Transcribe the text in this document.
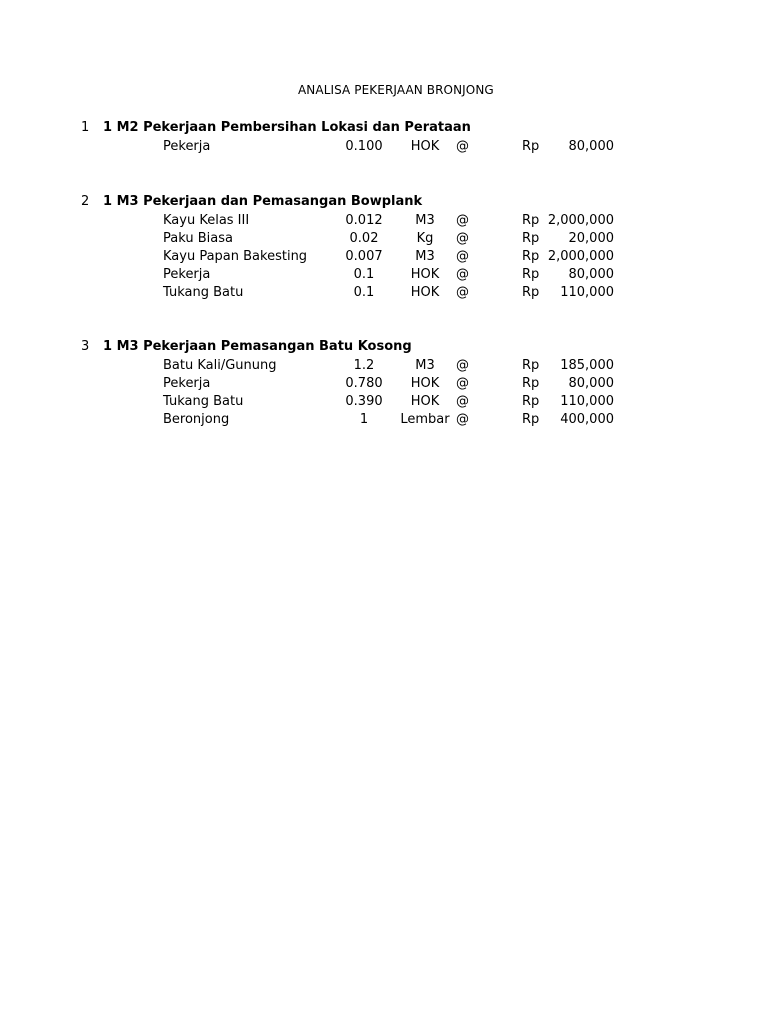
ANALISA PEKERJAAN BRONJONG
1 1 M2 Pekerjaan Pembersihan Lokasi dan Perataan
Pekerja	0.100	HOK	@	Rp	80,000
2 1 M3 Pekerjaan dan Pemasangan Bowplank
Kayu Kelas III	0.012	M3	@	Rp 2,000,000
Paku Biasa	0.02	Kg	@	Rp	20,000
Kayu Papan Bakesting	0.007	M3	@	Rp 2,000,000
Pekerja	0.1	HOK	@	Rp	80,000
Tukang Batu	0.1	HOK	@	Rp	110,000
3 1 M3 Pekerjaan Pemasangan Batu Kosong
Batu Kali/Gunung	1.2	M3	@	Rp	185,000
Pekerja	0.780	HOK	@	Rp	80,000
Tukang Batu	0.390	HOK	@	Rp	110,000
Beronjong	1	Lembar @	Rp	400,000
